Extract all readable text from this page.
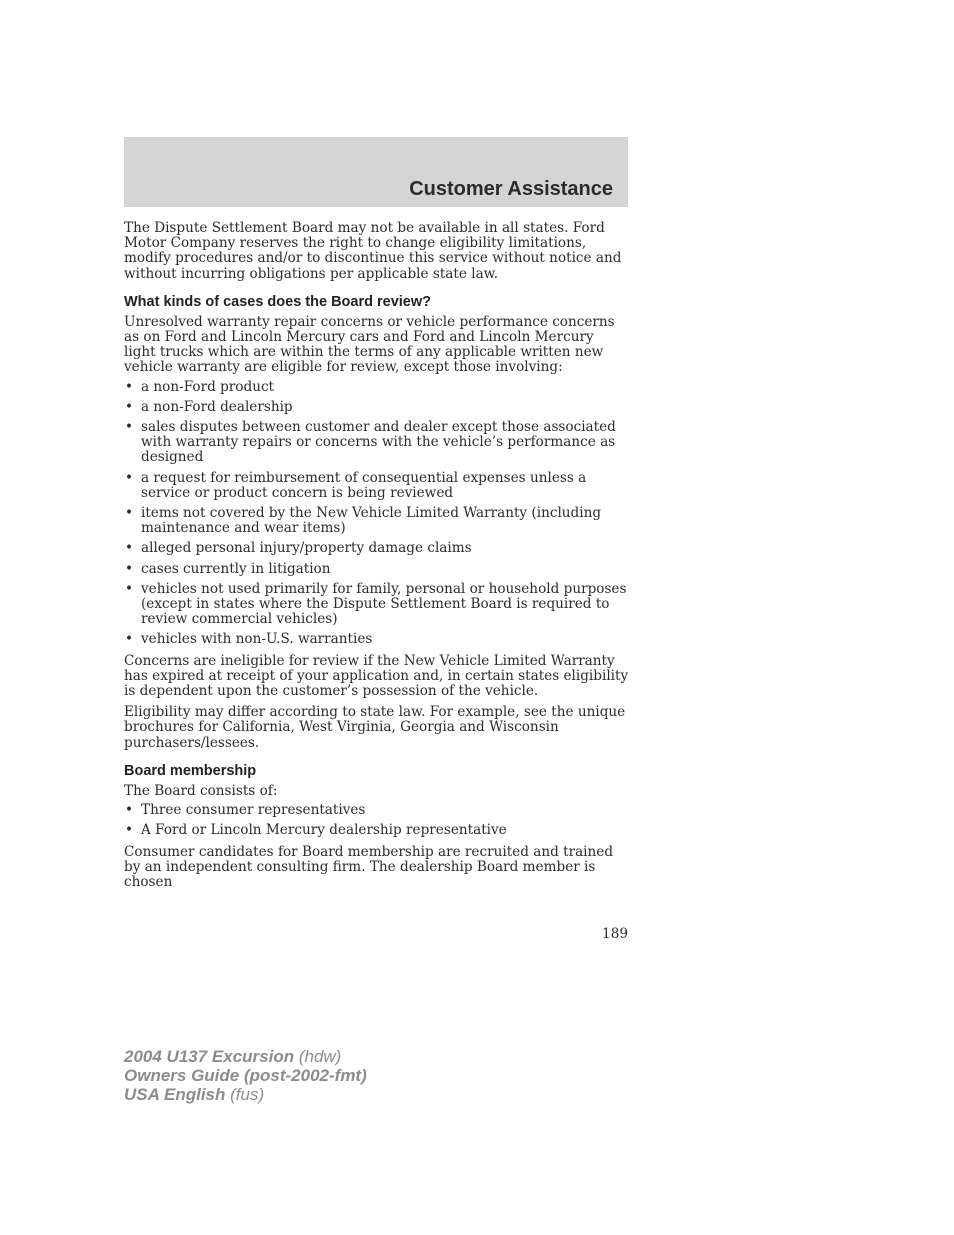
Customer Assistance

The Dispute Settlement Board may not be available in all states. Ford Motor Company reserves the right to change eligibility limitations, modify procedures and/or to discontinue this service without notice and without incurring obligations per applicable state law.

What kinds of cases does the Board review?

Unresolved warranty repair concerns or vehicle performance concerns as on Ford and Lincoln Mercury cars and Ford and Lincoln Mercury light trucks which are within the terms of any applicable written new vehicle warranty are eligible for review, except those involving:

• a non-Ford product
• a non-Ford dealership
• sales disputes between customer and dealer except those associated with warranty repairs or concerns with the vehicle’s performance as designed
• a request for reimbursement of consequential expenses unless a service or product concern is being reviewed
• items not covered by the New Vehicle Limited Warranty (including maintenance and wear items)
• alleged personal injury/property damage claims
• cases currently in litigation
• vehicles not used primarily for family, personal or household purposes (except in states where the Dispute Settlement Board is required to review commercial vehicles)
• vehicles with non-U.S. warranties

Concerns are ineligible for review if the New Vehicle Limited Warranty has expired at receipt of your application and, in certain states eligibility is dependent upon the customer’s possession of the vehicle.

Eligibility may differ according to state law. For example, see the unique brochures for California, West Virginia, Georgia and Wisconsin purchasers/lessees.

Board membership

The Board consists of:

• Three consumer representatives
• A Ford or Lincoln Mercury dealership representative

Consumer candidates for Board membership are recruited and trained by an independent consulting firm. The dealership Board member is chosen

189

2004 U137 Excursion (hdw)
Owners Guide (post-2002-fmt)
USA English (fus)
